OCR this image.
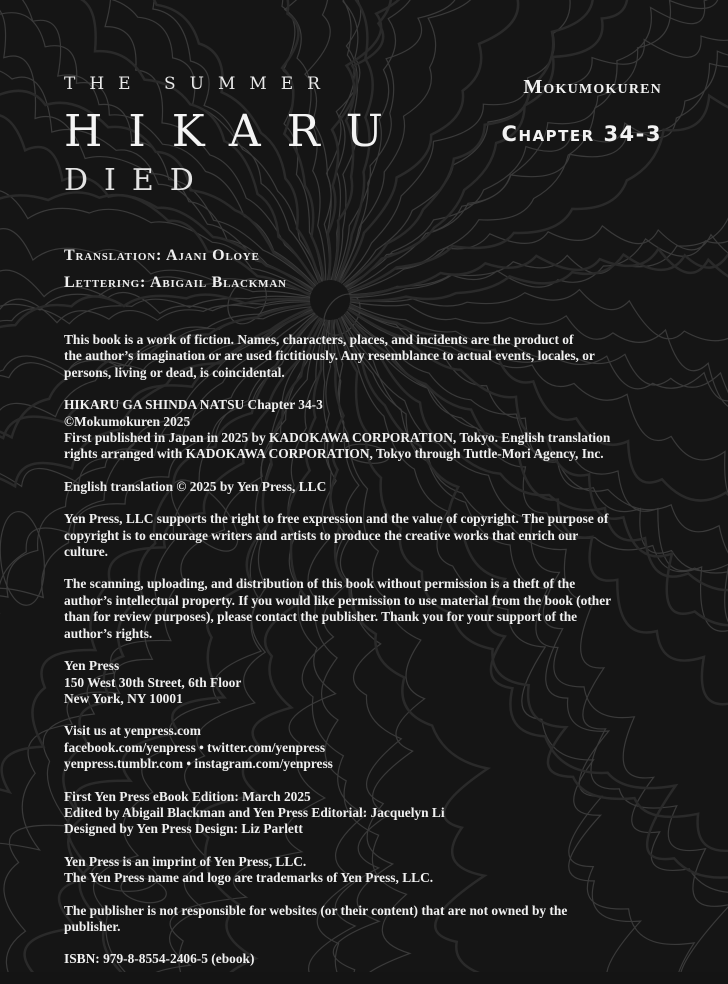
THE SUMMER
HIKARU
DIED
Mokumokuren
Chapter 34-3
Translation: Ajani Oloye
Lettering: Abigail Blackman

This book is a work of fiction. Names, characters, places, and incidents are the product of
the author’s imagination or are used fictitiously. Any resemblance to actual events, locales, or
persons, living or dead, is coincidental.

HIKARU GA SHINDA NATSU Chapter 34-3
©Mokumokuren 2025
First published in Japan in 2025 by KADOKAWA CORPORATION, Tokyo. English translation
rights arranged with KADOKAWA CORPORATION, Tokyo through Tuttle-Mori Agency, Inc.

English translation © 2025 by Yen Press, LLC

Yen Press, LLC supports the right to free expression and the value of copyright. The purpose of
copyright is to encourage writers and artists to produce the creative works that enrich our
culture.

The scanning, uploading, and distribution of this book without permission is a theft of the
author’s intellectual property. If you would like permission to use material from the book (other
than for review purposes), please contact the publisher. Thank you for your support of the
author’s rights.

Yen Press
150 West 30th Street, 6th Floor
New York, NY 10001

Visit us at yenpress.com
facebook.com/yenpress • twitter.com/yenpress
yenpress.tumblr.com • instagram.com/yenpress

First Yen Press eBook Edition: March 2025
Edited by Abigail Blackman and Yen Press Editorial: Jacquelyn Li
Designed by Yen Press Design: Liz Parlett

Yen Press is an imprint of Yen Press, LLC.
The Yen Press name and logo are trademarks of Yen Press, LLC.

The publisher is not responsible for websites (or their content) that are not owned by the
publisher.

ISBN: 979-8-8554-2406-5 (ebook)
